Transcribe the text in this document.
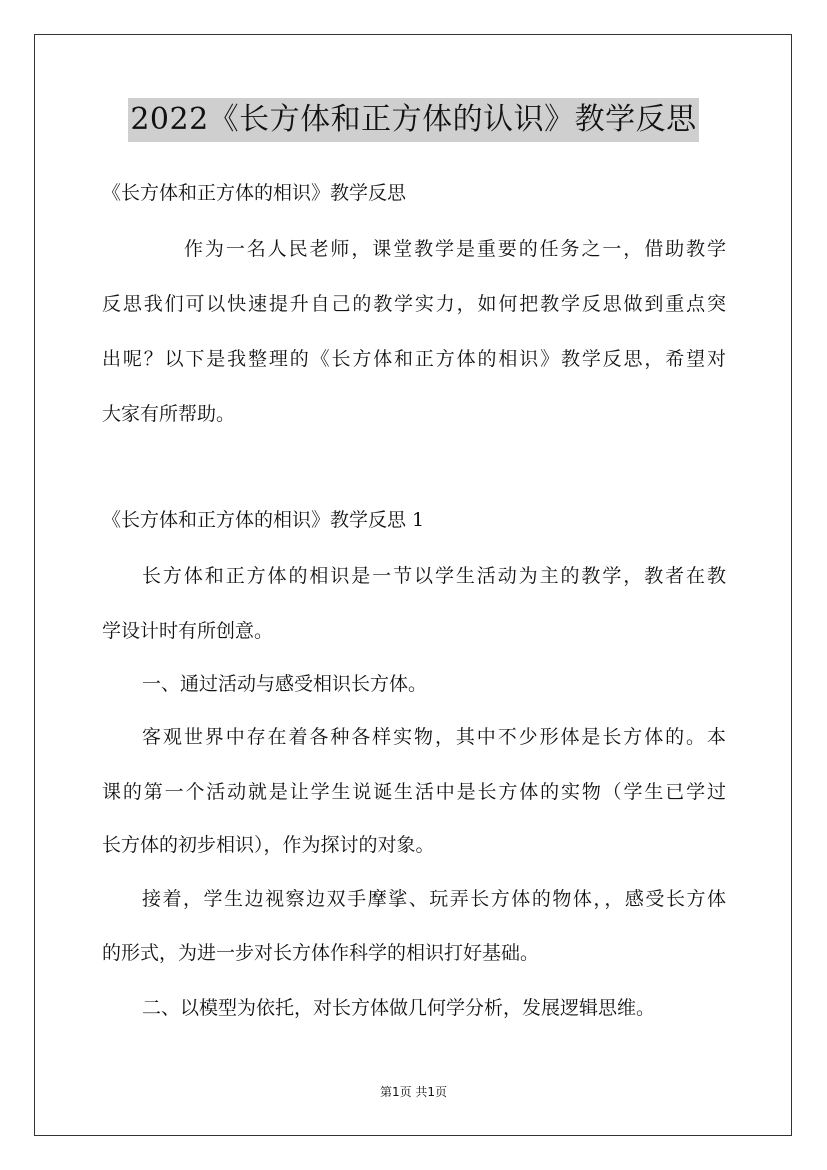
2022《长方体和正方体的认识》教学反思
《长方体和正方体的相识》教学反思
作为一名人民老师，课堂教学是重要的任务之一，借助教学
反思我们可以快速提升自己的教学实力，如何把教学反思做到重点突
出呢？以下是我整理的《长方体和正方体的相识》教学反思，希望对
大家有所帮助。
《长方体和正方体的相识》教学反思 1
长方体和正方体的相识是一节以学生活动为主的教学，教者在教
学设计时有所创意。
一、通过活动与感受相识长方体。
客观世界中存在着各种各样实物，其中不少形体是长方体的。本
课的第一个活动就是让学生说诞生活中是长方体的实物（学生已学过
长方体的初步相识），作为探讨的对象。
接着，学生边视察边双手摩挲、玩弄长方体的物体，，感受长方体
的形式，为进一步对长方体作科学的相识打好基础。
二、以模型为依托，对长方体做几何学分析，发展逻辑思维。
第1页 共1页
